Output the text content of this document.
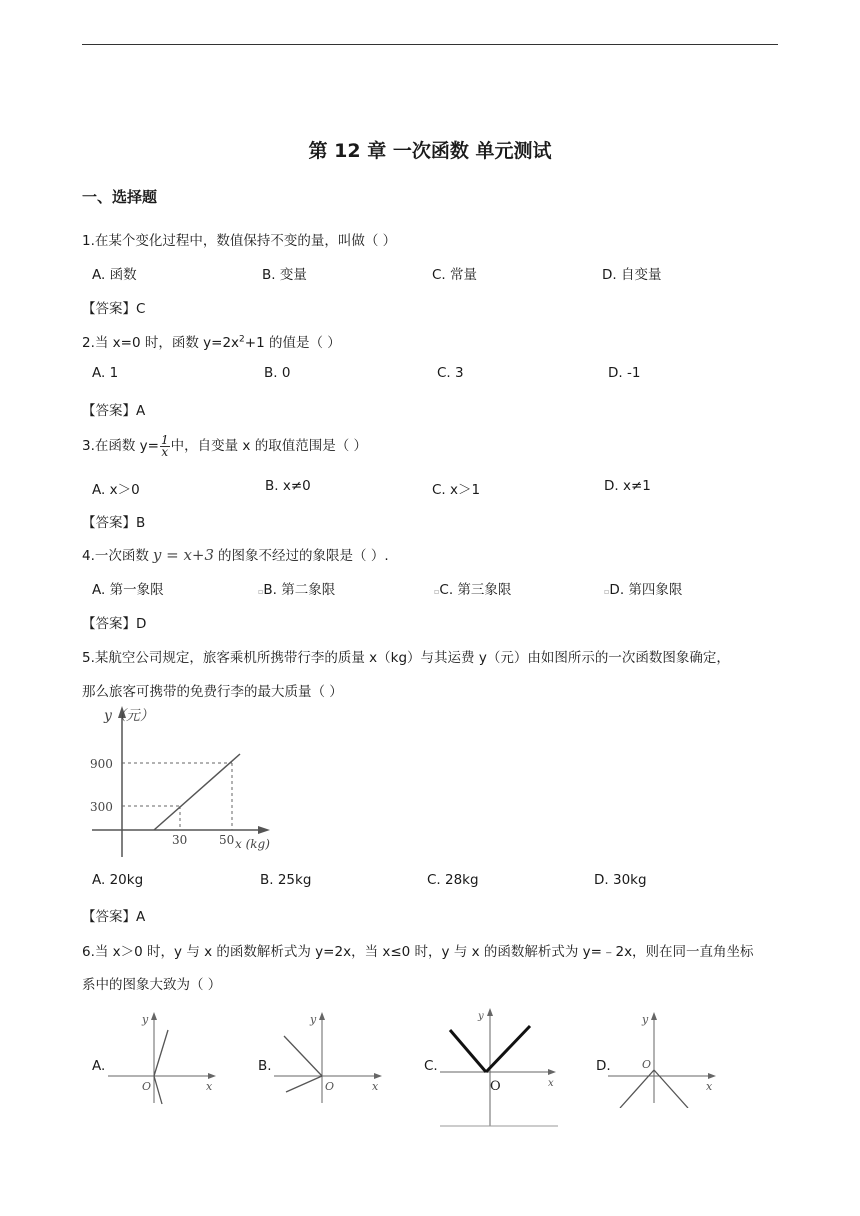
第 12 章 一次函数 单元测试
一、选择题
1.在某个变化过程中，数值保持不变的量，叫做（ ）
A. 函数	B. 变量	C. 常量	D. 自变量
【答案】C
2.当 x=0 时，函数 $y=2x^2+1$ 的值是（ ）
A. 1	B. 0	C. 3	D. -1
【答案】A
3.在函数 $y= \frac{1}{x}$ 中，自变量 x 的取值范围是（ ）
A. x＞0	B. x≠0	C. x＞1	D. x≠1
【答案】B
4.一次函数 y = x+3 的图象不经过的象限是（ ）.
A. 第一象限	▫B. 第二象限	▫C. 第三象限	▫D. 第四象限
【答案】D
5.某航空公司规定，旅客乘机所携带行李的质量 x（kg）与其运费 y（元）由如图所示的一次函数图象确定，
那么旅客可携带的免费行李的最大质量（ ）
y（元）
900
300
30	50 x (kg)
A. 20kg	B. 25kg	C. 28kg	D. 30kg
【答案】A
6.当 x＞0 时，y 与 x 的函数解析式为 y=2x，当 x≤0 时，y 与 x 的函数解析式为 y=﹣2x，则在同一直角坐标
系中的图象大致为（ ）
A.
y
x
O
B.
y
x
O
C.
y
x
O
D.
y
x
O
